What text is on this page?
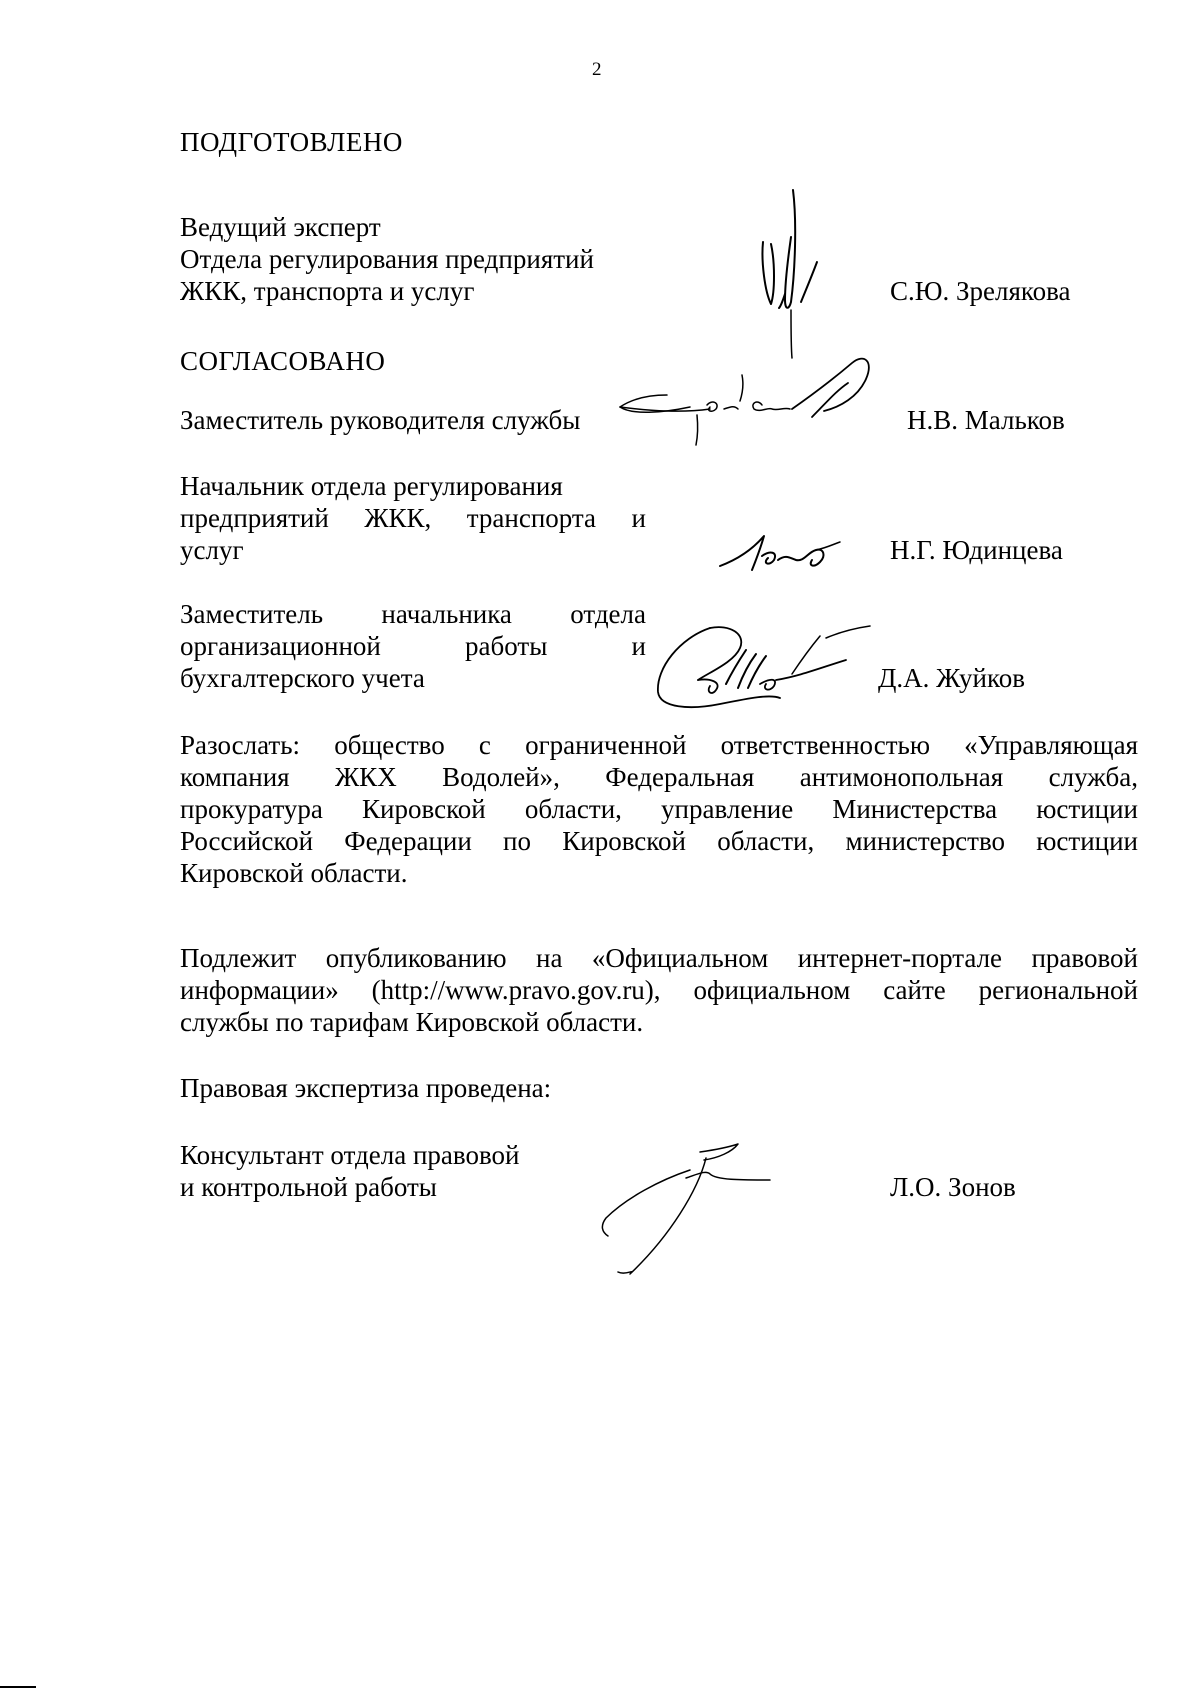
2
ПОДГОТОВЛЕНО
Ведущий эксперт
Отдела регулирования предприятий
ЖКК, транспорта и услуг	С.Ю. Зрелякова
СОГЛАСОВАНО
Заместитель руководителя службы	Н.В. Мальков
Начальник отдела регулирования
предприятий ЖКК, транспорта и
услуг	Н.Г. Юдинцева
Заместитель начальника отдела
организационной работы и
бухгалтерского учета	Д.А. Жуйков
Разослать: общество с ограниченной ответственностью «Управляющая
компания ЖКХ Водолей», Федеральная антимонопольная служба,
прокуратура Кировской области, управление Министерства юстиции
Российской Федерации по Кировской области, министерство юстиции
Кировской области.
Подлежит опубликованию на «Официальном интернет-портале правовой
информации» (http://www.pravo.gov.ru), официальном сайте региональной
службы по тарифам Кировской области.
Правовая экспертиза проведена:
Консультант отдела правовой
и контрольной работы	Л.О. Зонов
